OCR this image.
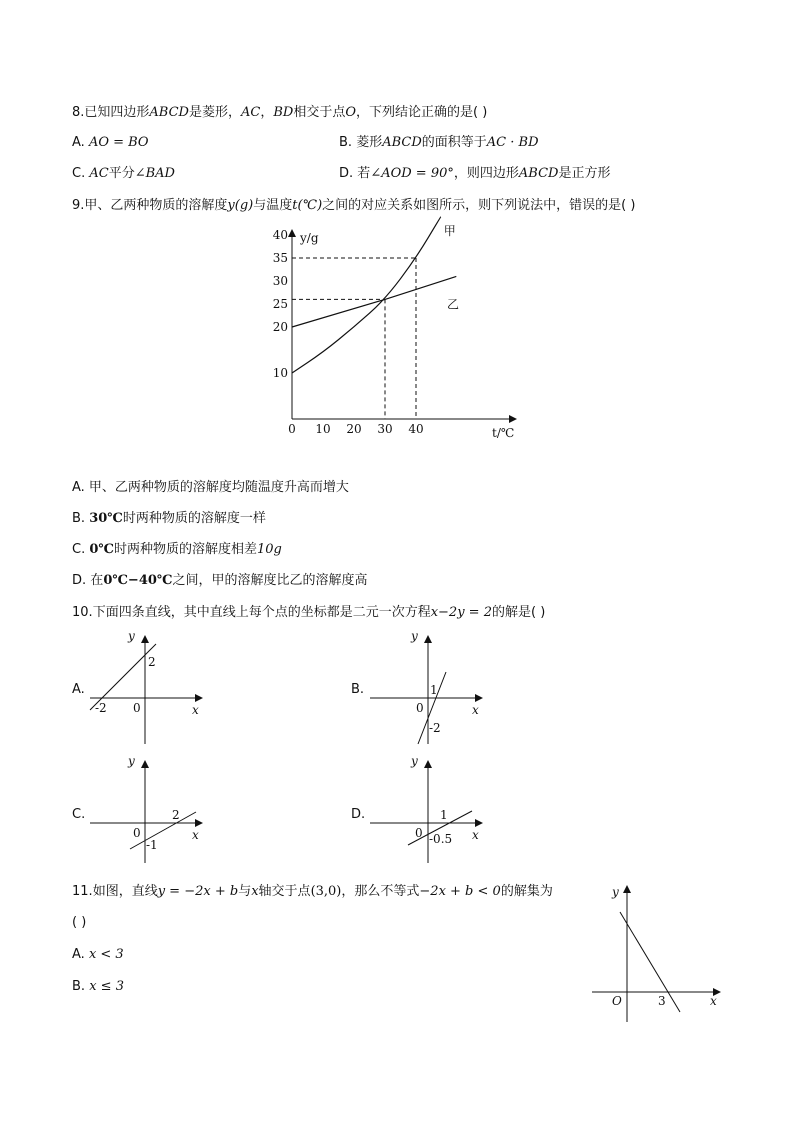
8.已知四边形ABCD是菱形，AC，BD相交于点O，下列结论正确的是( )
A. AO = BO	B. 菱形ABCD的面积等于AC · BD
C. AC平分∠BAD	D. 若∠AOD = 90°，则四边形ABCD是正方形
9.甲、乙两种物质的溶解度y(g)与温度t(℃)之间的对应关系如图所示，则下列说法中，错误的是( )
y/g
t/℃
0 10 20 30 40
10
20
25
30
35
40	甲
乙
A. 甲、乙两种物质的溶解度均随温度升高而增大
B. 30℃时两种物质的溶解度一样
C. 0℃时两种物质的溶解度相差10g
D. 在0℃−40℃之间，甲的溶解度比乙的溶解度高
10.下面四条直线，其中直线上每个点的坐标都是二元一次方程x−2y = 2的解是( )
A.
y
x
0
-2
2
B.
y
x
0
1
-2
C.
y
x
0
2
-1
D.
y
x
0
1
-0.5
11.如图，直线y = −2x + b与x轴交于点(3,0)，那么不等式−2x + b < 0的解集为
( )
A. x < 3
B. x ≤ 3
y
x
O	3
